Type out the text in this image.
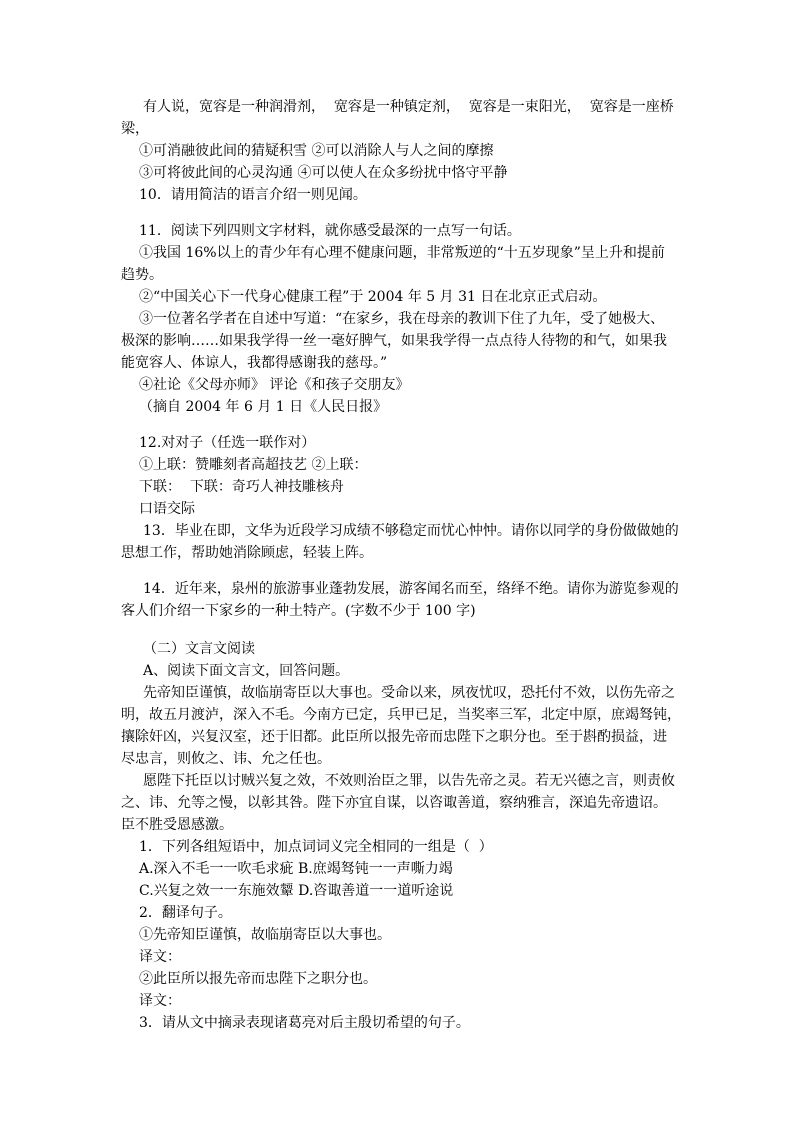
有人说，宽容是一种润滑剂，  宽容是一种镇定剂，  宽容是一束阳光，  宽容是一座桥
梁，
①可消融彼此间的猜疑积雪 ②可以消除人与人之间的摩擦
③可将彼此间的心灵沟通 ④可以使人在众多纷扰中恪守平静
10．请用简洁的语言介绍一则见闻。
11．阅读下列四则文字材料，就你感受最深的一点写一句话。
①我国 16%以上的青少年有心理不健康问题，非常叛逆的“十五岁现象”呈上升和提前
趋势。
②“中国关心下一代身心健康工程”于 2004 年 5 月 31 日在北京正式启动。
③一位著名学者在自述中写道：“在家乡，我在母亲的教训下住了九年，受了她极大、
极深的影响……如果我学得一丝一毫好脾气，如果我学得一点点待人待物的和气，如果我
能宽容人、体谅人，我都得感谢我的慈母。”
④社论《父母亦师》 评论《和孩子交朋友》
（摘自 2004 年 6 月 1 日《人民日报》
12.对对子（任选一联作对）
①上联：赞雕刻者高超技艺 ②上联：
下联：  下联：奇巧人神技雕核舟
口语交际
13．毕业在即，文华为近段学习成绩不够稳定而忧心忡忡。请你以同学的身份做做她的
思想工作，帮助她消除顾虑，轻装上阵。
14．近年来，泉州的旅游事业蓬勃发展，游客闻名而至，络绎不绝。请你为游览参观的
客人们介绍一下家乡的一种土特产。(字数不少于 100 字)
（二）文言文阅读
A、阅读下面文言文，回答问题。
先帝知臣谨慎，故临崩寄臣以大事也。受命以来，夙夜忧叹，恐托付不效，以伤先帝之
明，故五月渡泸，深入不毛。今南方已定，兵甲已足，当奖率三军，北定中原，庶竭驽钝，
攘除奸凶，兴复汉室，还于旧都。此臣所以报先帝而忠陛下之职分也。至于斟酌损益，进
尽忠言，则攸之、讳、允之任也。
愿陛下托臣以讨贼兴复之效，不效则治臣之罪，以告先帝之灵。若无兴德之言，则责攸
之、讳、允等之慢，以彰其咎。陛下亦宜自谋，以咨诹善道，察纳雅言，深追先帝遗诏。
臣不胜受恩感激。
1．下列各组短语中，加点词词义完全相同的一组是（  ）
A.深入不毛一一吹毛求疵 B.庶竭驽钝一一声嘶力竭
C.兴复之效一一东施效颦 D.咨诹善道一一道听途说
2．翻译句子。
①先帝知臣谨慎，故临崩寄臣以大事也。
译文：
②此臣所以报先帝而忠陛下之职分也。
译文：
3．请从文中摘录表现诸葛亮对后主殷切希望的句子。
